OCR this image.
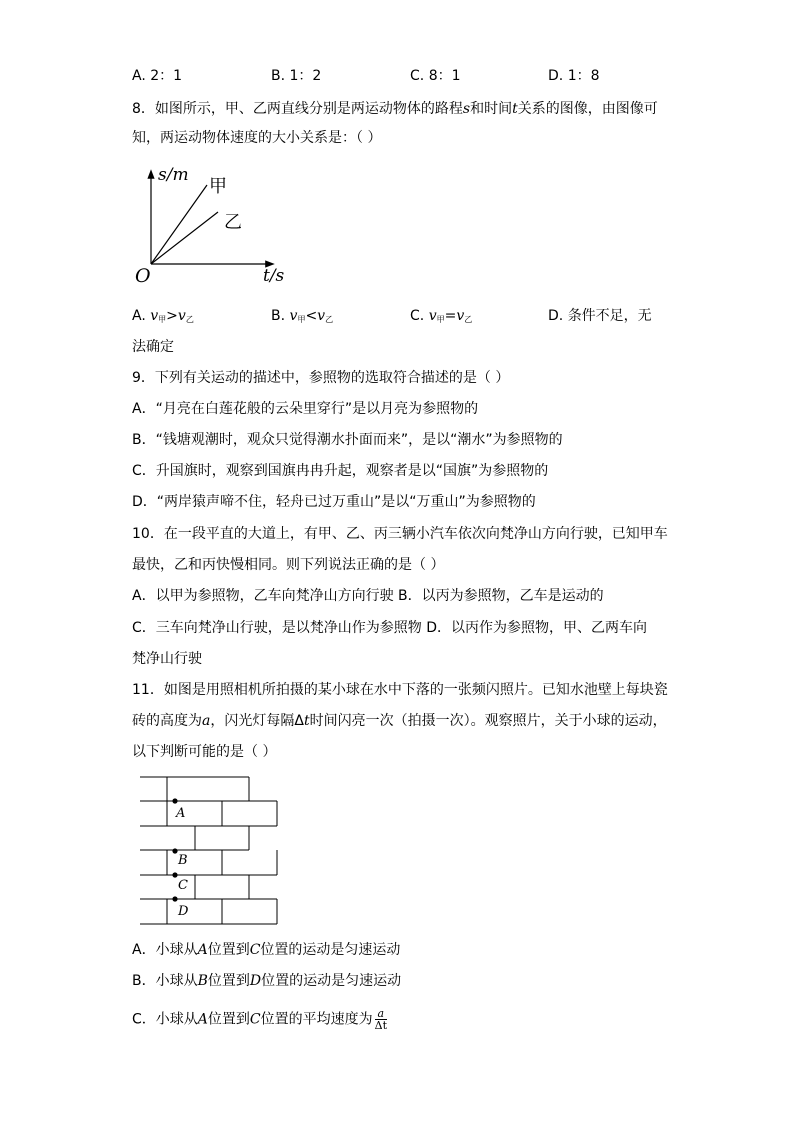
A. 2：1	B. 1：2	C. 8：1	D. 1：8
8．如图所示，甲、乙两直线分别是两运动物体的路程s和时间t关系的图像，由图像可
知，两运动物体速度的大小关系是：（ ）
s/m
t/s
O
甲
乙
A. $v_甲>v_乙$	B. $v_甲<v_乙$	C. $v_甲=v_乙$	D. 条件不足，无
法确定
9．下列有关运动的描述中，参照物的选取符合描述的是（ ）
A．“月亮在白莲花般的云朵里穿行”是以月亮为参照物的
B．“钱塘观潮时，观众只觉得潮水扑面而来”，是以“潮水”为参照物的
C．升国旗时，观察到国旗冉冉升起，观察者是以“国旗”为参照物的
D．“两岸猿声啼不住，轻舟已过万重山”是以“万重山”为参照物的
10．在一段平直的大道上，有甲、乙、丙三辆小汽车依次向梵净山方向行驶，已知甲车
最快，乙和丙快慢相同。则下列说法正确的是（ ）
A．以甲为参照物，乙车向梵净山方向行驶 B．以丙为参照物，乙车是运动的
C．三车向梵净山行驶，是以梵净山作为参照物 D．以丙作为参照物，甲、乙两车向
梵净山行驶
11．如图是用照相机所拍摄的某小球在水中下落的一张频闪照片。已知水池壁上每块瓷
砖的高度为a，闪光灯每隔Δt时间闪亮一次（拍摄一次）。观察照片，关于小球的运动，
以下判断可能的是（ ）
A
B
C
D
A．小球从A位置到C位置的运动是匀速运动
B．小球从B位置到D位置的运动是匀速运动
C．小球从A位置到C位置的平均速度为 $\frac{a}{\Delta t}$
